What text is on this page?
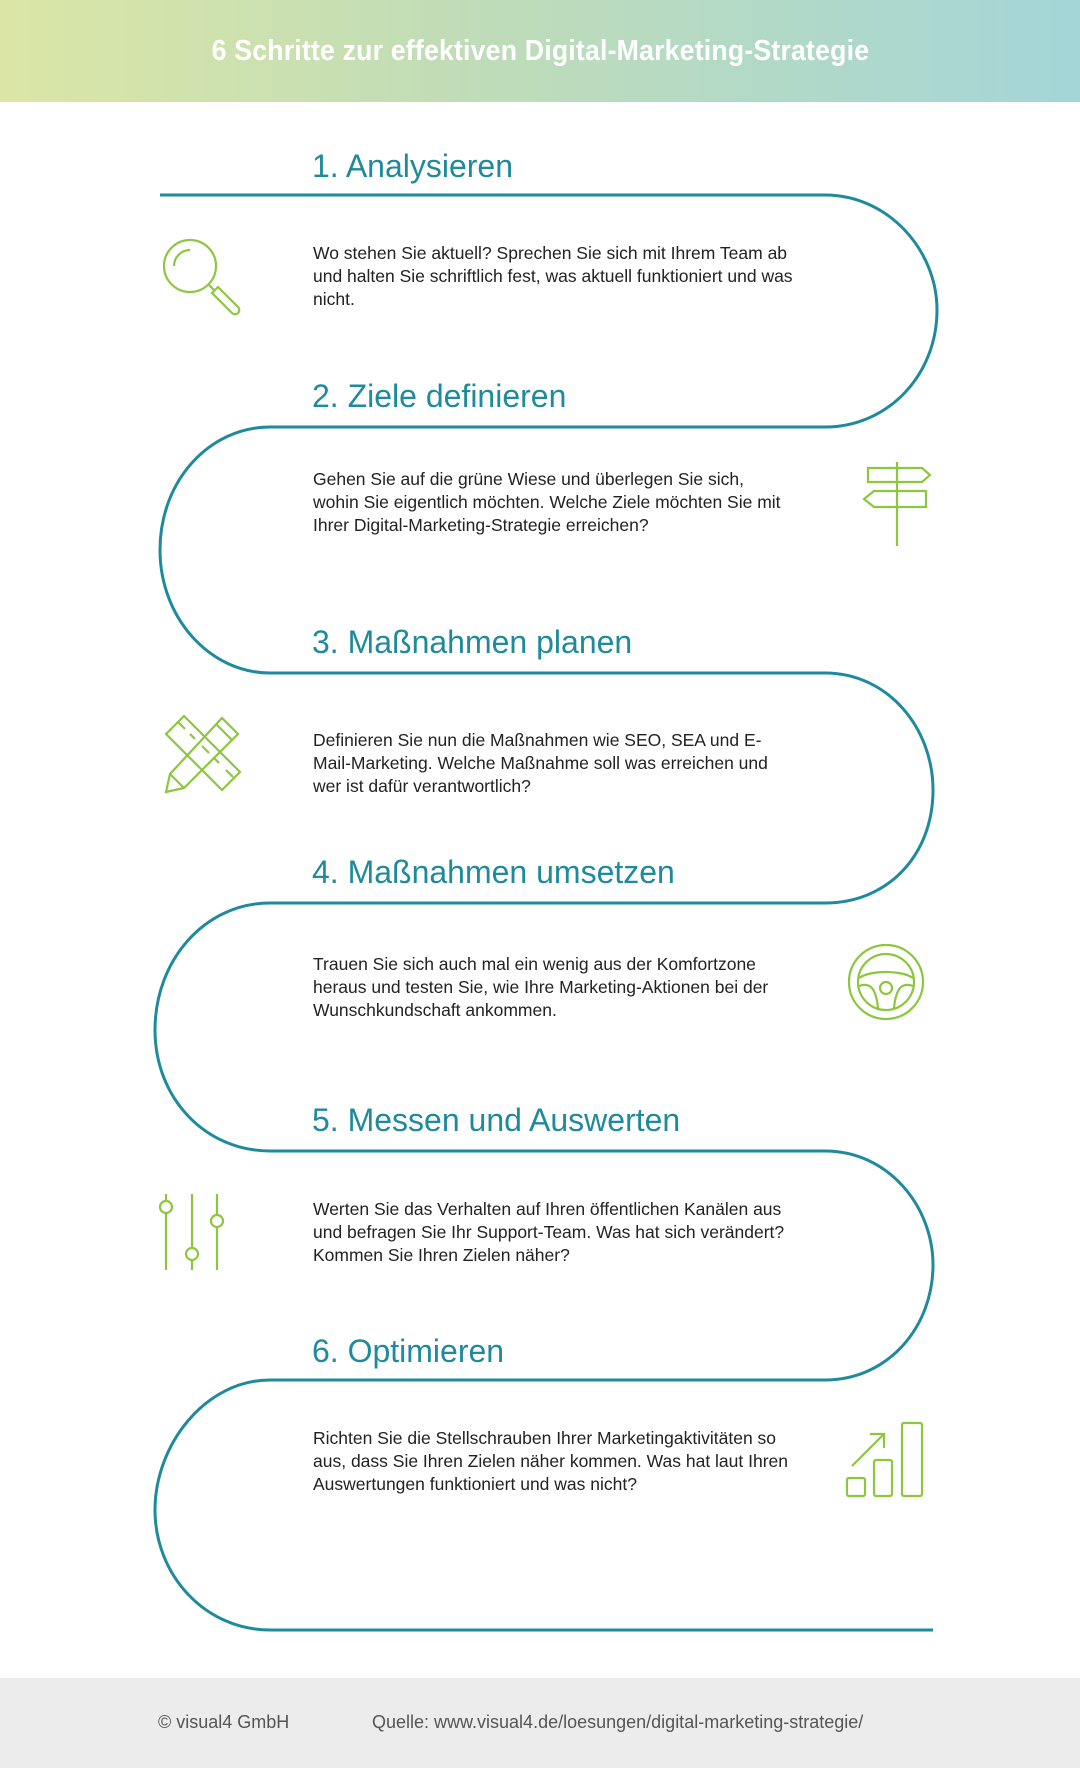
6 Schritte zur effektiven Digital-Marketing-Strategie
1. Analysieren

Wo stehen Sie aktuell? Sprechen Sie sich mit Ihrem Team ab und halten Sie schriftlich fest, was aktuell funktioniert und was nicht.

2. Ziele definieren

Gehen Sie auf die grüne Wiese und überlegen Sie sich, wohin Sie eigentlich möchten. Welche Ziele möchten Sie mit Ihrer Digital-Marketing-Strategie erreichen?

3. Maßnahmen planen

Definieren Sie nun die Maßnahmen wie SEO, SEA und E-Mail-Marketing. Welche Maßnahme soll was erreichen und wer ist dafür verantwortlich?

4. Maßnahmen umsetzen

Trauen Sie sich auch mal ein wenig aus der Komfortzone heraus und testen Sie, wie Ihre Marketing-Aktionen bei der Wunschkundschaft ankommen.

5. Messen und Auswerten

Werten Sie das Verhalten auf Ihren öffentlichen Kanälen aus und befragen Sie Ihr Support-Team. Was hat sich verändert? Kommen Sie Ihren Zielen näher?

6. Optimieren

Richten Sie die Stellschrauben Ihrer Marketingaktivitäten so aus, dass Sie Ihren Zielen näher kommen. Was hat laut Ihren Auswertungen funktioniert und was nicht?

© visual4 GmbH	Quelle: www.visual4.de/loesungen/digital-marketing-strategie/
